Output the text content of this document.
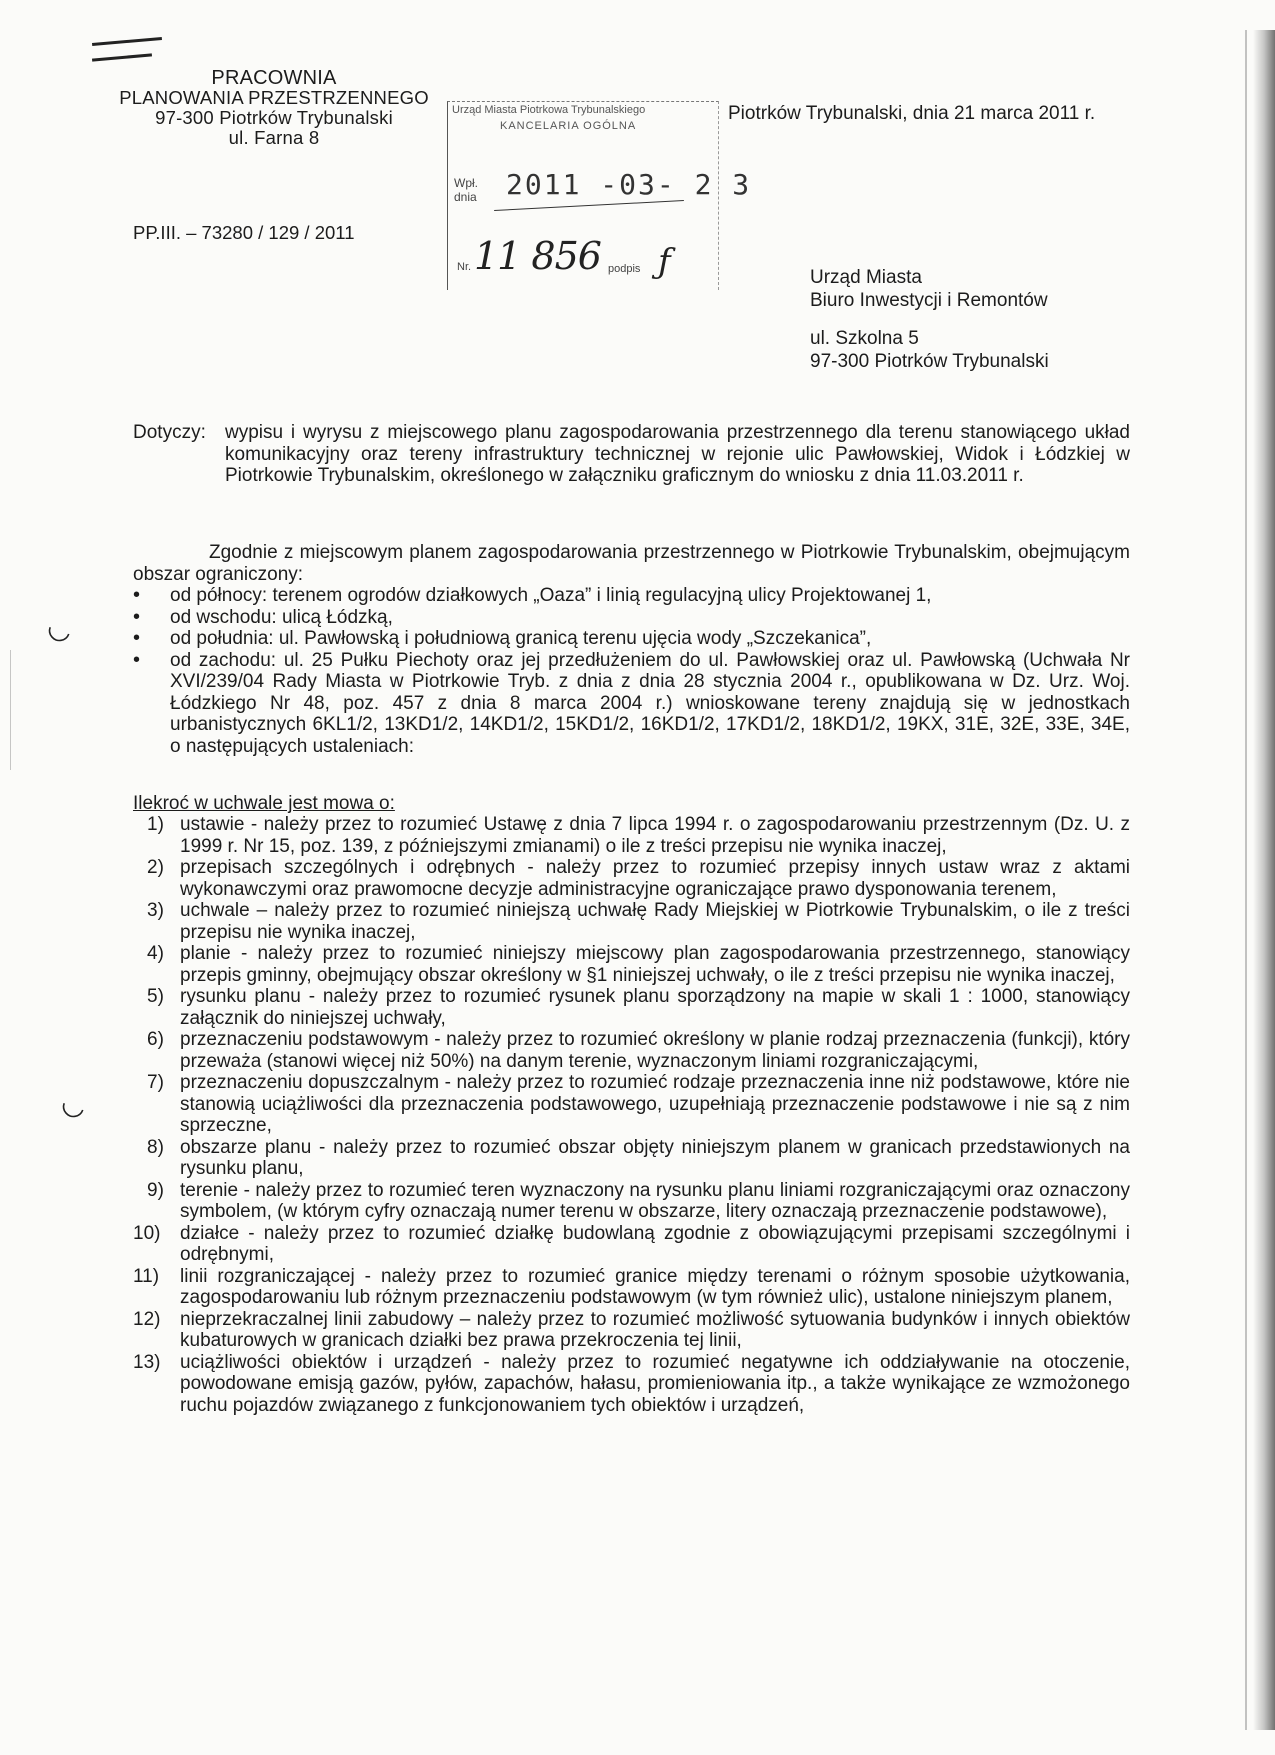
◡
◡
PRACOWNIA
PLANOWANIA PRZESTRZENNEGO
97-300 Piotrków Trybunalski
ul. Farna 8
PP.III. – 73280 / 129 / 2011
Urząd Miasta Piotrkowa Trybunalskiego
KANCELARIA OGÓLNA
Wpł.
dnia 2011 -03- 2 3
Nr. 11 856 podpis ƒ
Piotrków Trybunalski, dnia 21 marca 2011 r.
Urząd Miasta
Biuro Inwestycji i Remontów
ul. Szkolna 5
97-300 Piotrków Trybunalski
Dotyczy:	wypisu i wyrysu z miejscowego planu zagospodarowania przestrzennego dla terenu stanowiącego układ komunikacyjny oraz tereny infrastruktury technicznej w rejonie ulic Pawłowskiej, Widok i Łódzkiej w Piotrkowie Trybunalskim, określonego w załączniku graficznym do wniosku z dnia 11.03.2011 r.
Zgodnie z miejscowym planem zagospodarowania przestrzennego w Piotrkowie Trybunalskim, obejmującym obszar ograniczony:
• od północy: terenem ogrodów działkowych „Oaza” i linią regulacyjną ulicy Projektowanej 1,
• od wschodu: ulicą Łódzką,
• od południa: ul. Pawłowską i południową granicą terenu ujęcia wody „Szczekanica”,
• od zachodu: ul. 25 Pułku Piechoty oraz jej przedłużeniem do ul. Pawłowskiej oraz ul. Pawłowską (Uchwała Nr XVI/239/04 Rady Miasta w Piotrkowie Tryb. z dnia z dnia 28 stycznia 2004 r., opublikowana w Dz. Urz. Woj. Łódzkiego Nr 48, poz. 457 z dnia 8 marca 2004 r.) wnioskowane tereny znajdują się w jednostkach urbanistycznych 6KL1/2, 13KD1/2, 14KD1/2, 15KD1/2, 16KD1/2, 17KD1/2, 18KD1/2, 19KX, 31E, 32E, 33E, 34E, o następujących ustaleniach:
Ilekroć w uchwale jest mowa o:
1) ustawie - należy przez to rozumieć Ustawę z dnia 7 lipca 1994 r. o zagospodarowaniu przestrzennym (Dz. U. z 1999 r. Nr 15, poz. 139, z późniejszymi zmianami) o ile z treści przepisu nie wynika inaczej,
2) przepisach szczególnych i odrębnych - należy przez to rozumieć przepisy innych ustaw wraz z aktami wykonawczymi oraz prawomocne decyzje administracyjne ograniczające prawo dysponowania terenem,
3) uchwale – należy przez to rozumieć niniejszą uchwałę Rady Miejskiej w Piotrkowie Trybunalskim, o ile z treści przepisu nie wynika inaczej,
4) planie - należy przez to rozumieć niniejszy miejscowy plan zagospodarowania przestrzennego, stanowiący przepis gminny, obejmujący obszar określony w §1 niniejszej uchwały, o ile z treści przepisu nie wynika inaczej,
5) rysunku planu - należy przez to rozumieć rysunek planu sporządzony na mapie w skali 1 : 1000, stanowiący załącznik do niniejszej uchwały,
6) przeznaczeniu podstawowym - należy przez to rozumieć określony w planie rodzaj przeznaczenia (funkcji), który przeważa (stanowi więcej niż 50%) na danym terenie, wyznaczonym liniami rozgraniczającymi,
7) przeznaczeniu dopuszczalnym - należy przez to rozumieć rodzaje przeznaczenia inne niż podstawowe, które nie stanowią uciążliwości dla przeznaczenia podstawowego, uzupełniają przeznaczenie podstawowe i nie są z nim sprzeczne,
8) obszarze planu - należy przez to rozumieć obszar objęty niniejszym planem w granicach przedstawionych na rysunku planu,
9) terenie - należy przez to rozumieć teren wyznaczony na rysunku planu liniami rozgraniczającymi oraz oznaczony symbolem, (w którym cyfry oznaczają numer terenu w obszarze, litery oznaczają przeznaczenie podstawowe),
10) działce - należy przez to rozumieć działkę budowlaną zgodnie z obowiązującymi przepisami szczególnymi i odrębnymi,
11) linii rozgraniczającej - należy przez to rozumieć granice między terenami o różnym sposobie użytkowania, zagospodarowaniu lub różnym przeznaczeniu podstawowym (w tym również ulic), ustalone niniejszym planem,
12) nieprzekraczalnej linii zabudowy – należy przez to rozumieć możliwość sytuowania budynków i innych obiektów kubaturowych w granicach działki bez prawa przekroczenia tej linii,
13) uciążliwości obiektów i urządzeń - należy przez to rozumieć negatywne ich oddziaływanie na otoczenie, powodowane emisją gazów, pyłów, zapachów, hałasu, promieniowania itp., a także wynikające ze wzmożonego ruchu pojazdów związanego z funkcjonowaniem tych obiektów i urządzeń,
